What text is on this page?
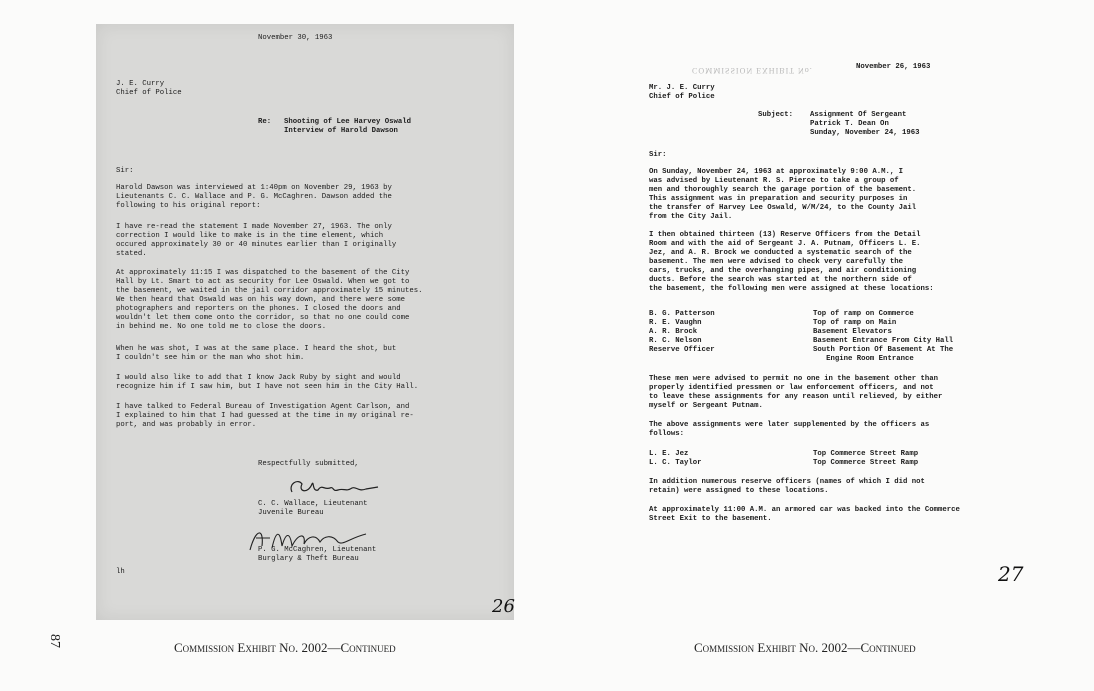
November 30, 1963
J. E. Curry
Chief of Police
Re: Shooting of Lee Harvey Oswald
Interview of Harold Dawson
Sir:
Harold Dawson was interviewed at 1:40pm on November 29, 1963 by
Lieutenants C. C. Wallace and P. G. McCaghren. Dawson added the
following to his original report:
I have re-read the statement I made November 27, 1963. The only
correction I would like to make is in the time element, which
occured approximately 30 or 40 minutes earlier than I originally
stated.
At approximately 11:15 I was dispatched to the basement of the City
Hall by Lt. Smart to act as security for Lee Oswald. When we got to
the basement, we waited in the jail corridor approximately 15 minutes.
We then heard that Oswald was on his way down, and there were some
photographers and reporters on the phones. I closed the doors and
wouldn't let them come onto the corridor, so that no one could come
in behind me. No one told me to close the doors.
When he was shot, I was at the same place. I heard the shot, but
I couldn't see him or the man who shot him.
I would also like to add that I know Jack Ruby by sight and would
recognize him if I saw him, but I have not seen him in the City Hall.
I have talked to Federal Bureau of Investigation Agent Carlson, and
I explained to him that I had guessed at the time in my original re-
port, and was probably in error.
Respectfully submitted,
C. C. Wallace, Lieutenant
Juvenile Bureau
P. G. McCaghren, Lieutenant
Burglary & Theft Bureau
lh
26
COMMISSION EXHIBIT No.	November 26, 1963
Mr. J. E. Curry
Chief of Police
Subject: Assignment Of Sergeant
Patrick T. Dean On
Sunday, November 24, 1963
Sir:
On Sunday, November 24, 1963 at approximately 9:00 A.M., I
was advised by Lieutenant R. S. Pierce to take a group of
men and thoroughly search the garage portion of the basement.
This assignment was in preparation and security purposes in
the transfer of Harvey Lee Oswald, W/M/24, to the County Jail
from the City Jail.
I then obtained thirteen (13) Reserve Officers from the Detail
Room and with the aid of Sergeant J. A. Putnam, Officers L. E.
Jez, and A. R. Brock we conducted a systematic search of the
basement. The men were advised to check very carefully the
cars, trucks, and the overhanging pipes, and air conditioning
ducts. Before the search was started at the northern side of
the basement, the following men were assigned at these locations:
B. G. Patterson	Top of ramp on Commerce
R. E. Vaughn	Top of ramp on Main
A. R. Brock	Basement Elevators
R. C. Nelson	Basement Entrance From City Hall
Reserve Officer	South Portion Of Basement At The
Engine Room Entrance
These men were advised to permit no one in the basement other than
properly identified pressmen or law enforcement officers, and not
to leave these assignments for any reason until relieved, by either
myself or Sergeant Putnam.
The above assignments were later supplemented by the officers as
follows:
L. E. Jez	Top Commerce Street Ramp
L. C. Taylor	Top Commerce Street Ramp
In addition numerous reserve officers (names of which I did not
retain) were assigned to these locations.
At approximately 11:00 A.M. an armored car was backed into the Commerce
Street Exit to the basement.
27
Commission Exhibit No. 2002—Continued	Commission Exhibit No. 2002—Continued
87
